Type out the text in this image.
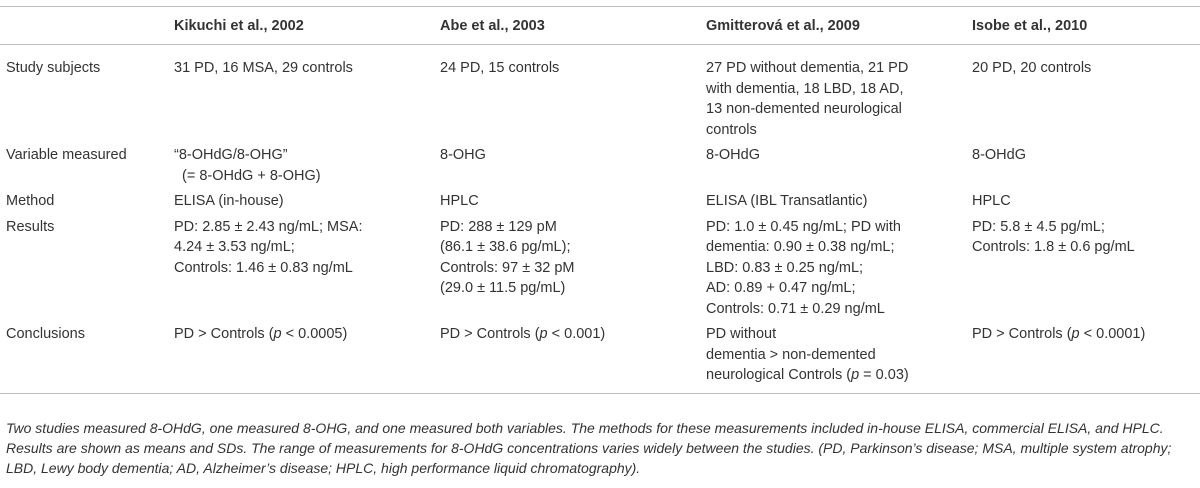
	Kikuchi et al., 2002	Abe et al., 2003	Gmitterová et al., 2009	Isobe et al., 2010
Study subjects	31 PD, 16 MSA, 29 controls	24 PD, 15 controls	27 PD without dementia, 21 PD
with dementia, 18 LBD, 18 AD,
13 non-demented neurological
controls	20 PD, 20 controls

Variable measured	“8-OHdG/8-OHG”
(= 8-OHdG + 8-OHG)	8-OHG	8-OHdG	8-OHdG

Method	ELISA (in-house)	HPLC	ELISA (IBL Transatlantic)	HPLC

Results	PD: 2.85 ± 2.43 ng/mL; MSA:
4.24 ± 3.53 ng/mL;
Controls: 1.46 ± 0.83 ng/mL	PD: 288 ± 129 pM
(86.1 ± 38.6 pg/mL);
Controls: 97 ± 32 pM
(29.0 ± 11.5 pg/mL)	PD: 1.0 ± 0.45 ng/mL; PD with
dementia: 0.90 ± 0.38 ng/mL;
LBD: 0.83 ± 0.25 ng/mL;
AD: 0.89 + 0.47 ng/mL;
Controls: 0.71 ± 0.29 ng/mL	PD: 5.8 ± 4.5 pg/mL;
Controls: 1.8 ± 0.6 pg/mL

Conclusions	PD > Controls (p < 0.0005)	PD > Controls (p < 0.001)	PD without
dementia > non-demented
neurological Controls (p = 0.03)	PD > Controls (p < 0.0001)
Two studies measured 8-OHdG, one measured 8-OHG, and one measured both variables. The methods for these measurements included in-house ELISA, commercial ELISA, and HPLC. Results are shown as means and SDs. The range of measurements for 8-OHdG concentrations varies widely between the studies. (PD, Parkinson’s disease; MSA, multiple system atrophy; LBD, Lewy body dementia; AD, Alzheimer’s disease; HPLC, high performance liquid chromatography).
